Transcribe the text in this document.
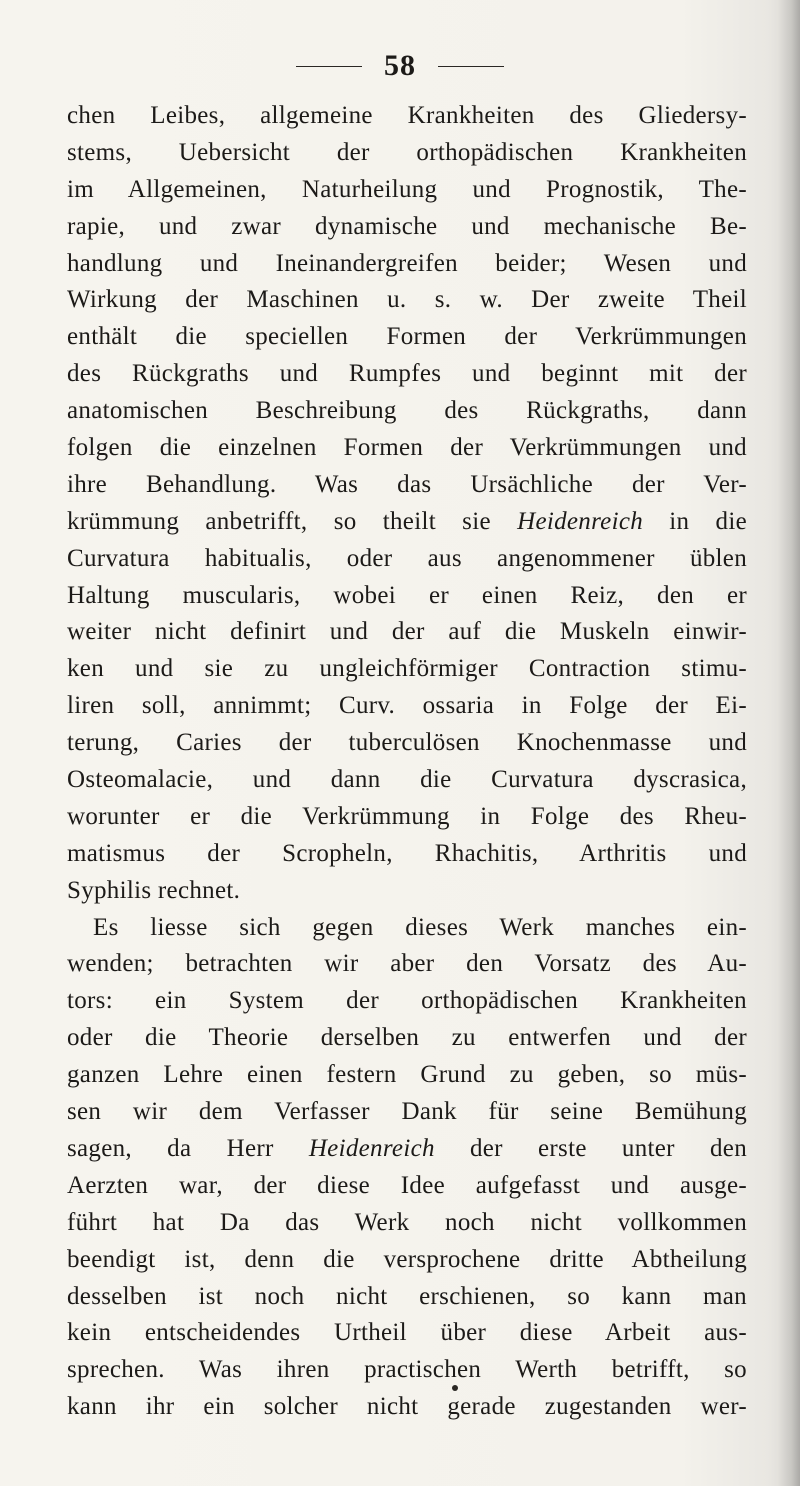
58
chen Leibes, allgemeine Krankheiten des Gliedersy-
stems, Uebersicht der orthopädischen Krankheiten
im Allgemeinen, Naturheilung und Prognostik, The-
rapie, und zwar dynamische und mechanische Be-
handlung und Ineinandergreifen beider; Wesen und
Wirkung der Maschinen u. s. w. Der zweite Theil
enthält die speciellen Formen der Verkrümmungen
des Rückgraths und Rumpfes und beginnt mit der
anatomischen Beschreibung des Rückgraths, dann
folgen die einzelnen Formen der Verkrümmungen und
ihre Behandlung. Was das Ursächliche der Ver-
krümmung anbetrifft, so theilt sie Heidenreich in die
Curvatura habitualis, oder aus angenommener üblen
Haltung muscularis, wobei er einen Reiz, den er
weiter nicht definirt und der auf die Muskeln einwir-
ken und sie zu ungleichförmiger Contraction stimu-
liren soll, annimmt; Curv. ossaria in Folge der Ei-
terung, Caries der tuberculösen Knochenmasse und
Osteomalacie, und dann die Curvatura dyscrasica,
worunter er die Verkrümmung in Folge des Rheu-
matismus der Scropheln, Rhachitis, Arthritis und
Syphilis rechnet.
Es liesse sich gegen dieses Werk manches ein-
wenden; betrachten wir aber den Vorsatz des Au-
tors: ein System der orthopädischen Krankheiten
oder die Theorie derselben zu entwerfen und der
ganzen Lehre einen festern Grund zu geben, so müs-
sen wir dem Verfasser Dank für seine Bemühung
sagen, da Herr Heidenreich der erste unter den
Aerzten war, der diese Idee aufgefasst und ausge-
führt hat Da das Werk noch nicht vollkommen
beendigt ist, denn die versprochene dritte Abtheilung
desselben ist noch nicht erschienen, so kann man
kein entscheidendes Urtheil über diese Arbeit aus-
sprechen. Was ihren practischen Werth betrifft, so
kann ihr ein solcher nicht gerade zugestanden wer-
